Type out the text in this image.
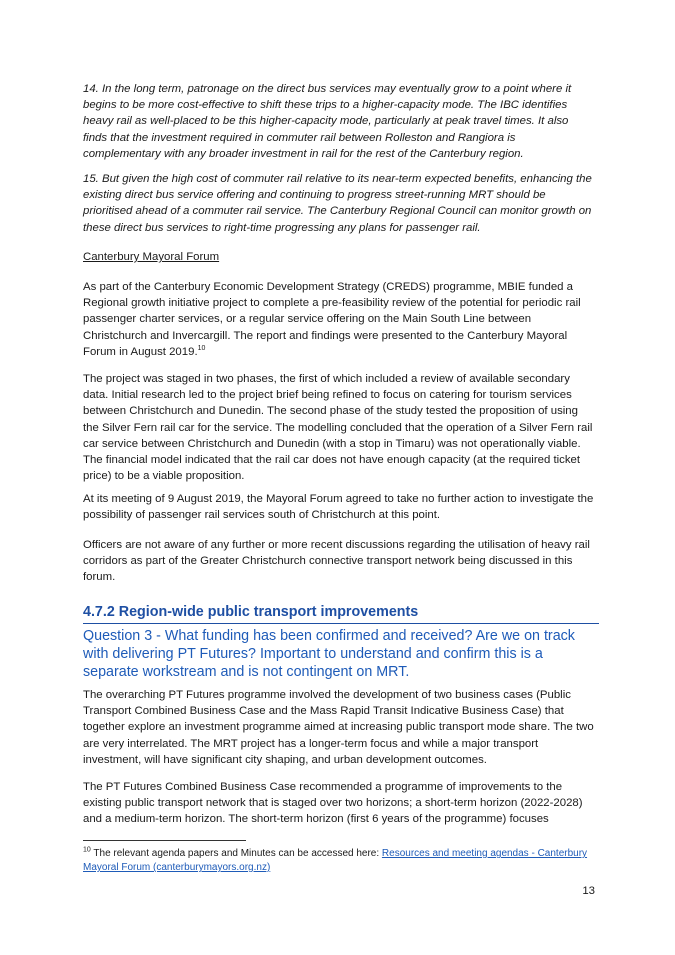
14. In the long term, patronage on the direct bus services may eventually grow to a point where it begins to be more cost-effective to shift these trips to a higher-capacity mode. The IBC identifies heavy rail as well-placed to be this higher-capacity mode, particularly at peak travel times. It also finds that the investment required in commuter rail between Rolleston and Rangiora is complementary with any broader investment in rail for the rest of the Canterbury region.

15. But given the high cost of commuter rail relative to its near-term expected benefits, enhancing the existing direct bus service offering and continuing to progress street-running MRT should be prioritised ahead of a commuter rail service. The Canterbury Regional Council can monitor growth on these direct bus services to right-time progressing any plans for passenger rail.

Canterbury Mayoral Forum

As part of the Canterbury Economic Development Strategy (CREDS) programme, MBIE funded a Regional growth initiative project to complete a pre-feasibility review of the potential for periodic rail passenger charter services, or a regular service offering on the Main South Line between Christchurch and Invercargill. The report and findings were presented to the Canterbury Mayoral Forum in August 2019.10

The project was staged in two phases, the first of which included a review of available secondary data. Initial research led to the project brief being refined to focus on catering for tourism services between Christchurch and Dunedin. The second phase of the study tested the proposition of using the Silver Fern rail car for the service. The modelling concluded that the operation of a Silver Fern rail car service between Christchurch and Dunedin (with a stop in Timaru) was not operationally viable. The financial model indicated that the rail car does not have enough capacity (at the required ticket price) to be a viable proposition.

At its meeting of 9 August 2019, the Mayoral Forum agreed to take no further action to investigate the possibility of passenger rail services south of Christchurch at this point.

Officers are not aware of any further or more recent discussions regarding the utilisation of heavy rail corridors as part of the Greater Christchurch connective transport network being discussed in this forum.

4.7.2 Region-wide public transport improvements

Question 3 - What funding has been confirmed and received? Are we on track with delivering PT Futures? Important to understand and confirm this is a separate workstream and is not contingent on MRT.

The overarching PT Futures programme involved the development of two business cases (Public Transport Combined Business Case and the Mass Rapid Transit Indicative Business Case) that together explore an investment programme aimed at increasing public transport mode share. The two are very interrelated. The MRT project has a longer-term focus and while a major transport investment, will have significant city shaping, and urban development outcomes.

The PT Futures Combined Business Case recommended a programme of improvements to the existing public transport network that is staged over two horizons; a short-term horizon (2022-2028) and a medium-term horizon. The short-term horizon (first 6 years of the programme) focuses

$^{10}$ The relevant agenda papers and Minutes can be accessed here: Resources and meeting agendas - Canterbury Mayoral Forum (canterburymayors.org.nz)

13
